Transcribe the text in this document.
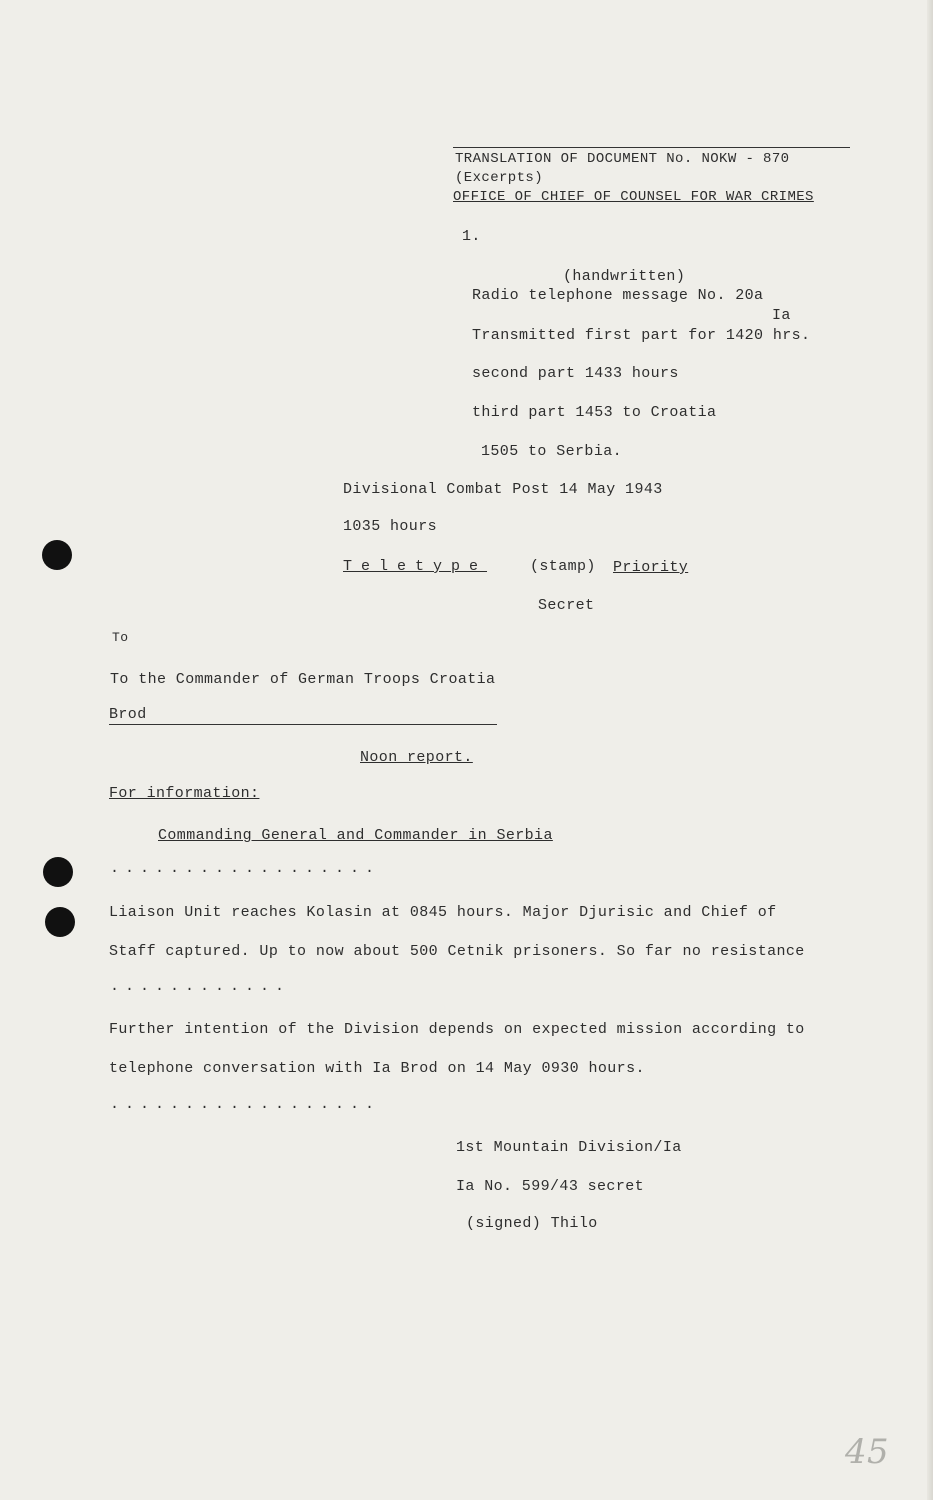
TRANSLATION OF DOCUMENT No. NOKW - 870
(Excerpts)
OFFICE OF CHIEF OF COUNSEL FOR WAR CRIMES
1.
(handwritten)
Radio telephone message No. 20a
Ia
Transmitted first part for 1420 hrs.
second part 1433 hours
third part 1453 to Croatia
1505 to Serbia.
Divisional Combat Post 14 May 1943
1035 hours
Teletype	(stamp) Priority
Secret
To
To the Commander of German Troops Croatia
Brod
Noon report.
For information:
Commanding General and Commander in Serbia
..................
Liaison Unit reaches Kolasin at 0845 hours. Major Djurisic and Chief of
Staff captured. Up to now about 500 Cetnik prisoners. So far no resistance
............
Further intention of the Division depends on expected mission according to
telephone conversation with Ia Brod on 14 May 0930 hours.
..................
1st Mountain Division/Ia
Ia No. 599/43 secret
(signed) Thilo
45
